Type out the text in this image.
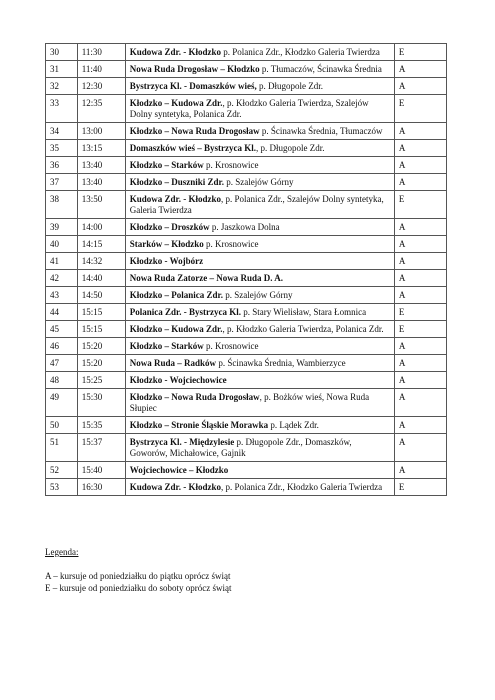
30	11:30	Kudowa Zdr. - Kłodzko p. Polanica Zdr., Kłodzko Galeria Twierdza	E
31	11:40	Nowa Ruda Drogosław – Kłodzko p. Tłumaczów, Ścinawka Średnia	A
32	12:30	Bystrzyca Kl. - Domaszków wieś, p. Długopole Zdr.	A
33	12:35	Kłodzko – Kudowa Zdr., p. Kłodzko Galeria Twierdza, Szalejów Dolny syntetyka, Polanica Zdr.	E
34	13:00	Kłodzko – Nowa Ruda Drogosław p. Ścinawka Średnia, Tłumaczów	A
35	13:15	Domaszków wieś – Bystrzyca Kl., p. Długopole Zdr.	A
36	13:40	Kłodzko – Starków p. Krosnowice	A
37	13:40	Kłodzko – Duszniki Zdr. p. Szalejów Górny	A
38	13:50	Kudowa Zdr. - Kłodzko, p. Polanica Zdr., Szalejów Dolny syntetyka, Galeria Twierdza	E
39	14:00	Kłodzko – Droszków p. Jaszkowa Dolna	A
40	14:15	Starków – Kłodzko p. Krosnowice	A
41	14:32	Kłodzko - Wojbórz	A
42	14:40	Nowa Ruda Zatorze – Nowa Ruda D. A.	A
43	14:50	Kłodzko – Polanica Zdr. p. Szalejów Górny	A
44	15:15	Polanica Zdr. - Bystrzyca Kl. p. Stary Wielisław, Stara Łomnica	E
45	15:15	Kłodzko – Kudowa Zdr., p. Kłodzko Galeria Twierdza, Polanica Zdr.	E
46	15:20	Kłodzko – Starków p. Krosnowice	A
47	15:20	Nowa Ruda – Radków p. Ścinawka Średnia, Wambierzyce	A
48	15:25	Kłodzko - Wojciechowice	A
49	15:30	Kłodzko – Nowa Ruda Drogosław, p. Bożków wieś, Nowa Ruda Słupiec	A
50	15:35	Kłodzko – Stronie Śląskie Morawka p. Lądek Zdr.	A
51	15:37	Bystrzyca Kl. - Międzylesie p. Długopole Zdr., Domaszków, Goworów, Michałowice, Gajnik	A
52	15:40	Wojciechowice – Kłodzko	A
53	16:30	Kudowa Zdr. - Kłodzko, p. Polanica Zdr., Kłodzko Galeria Twierdza	E
Legenda:
A – kursuje od poniedziałku do piątku oprócz świąt
E – kursuje od poniedziałku do soboty oprócz świąt
